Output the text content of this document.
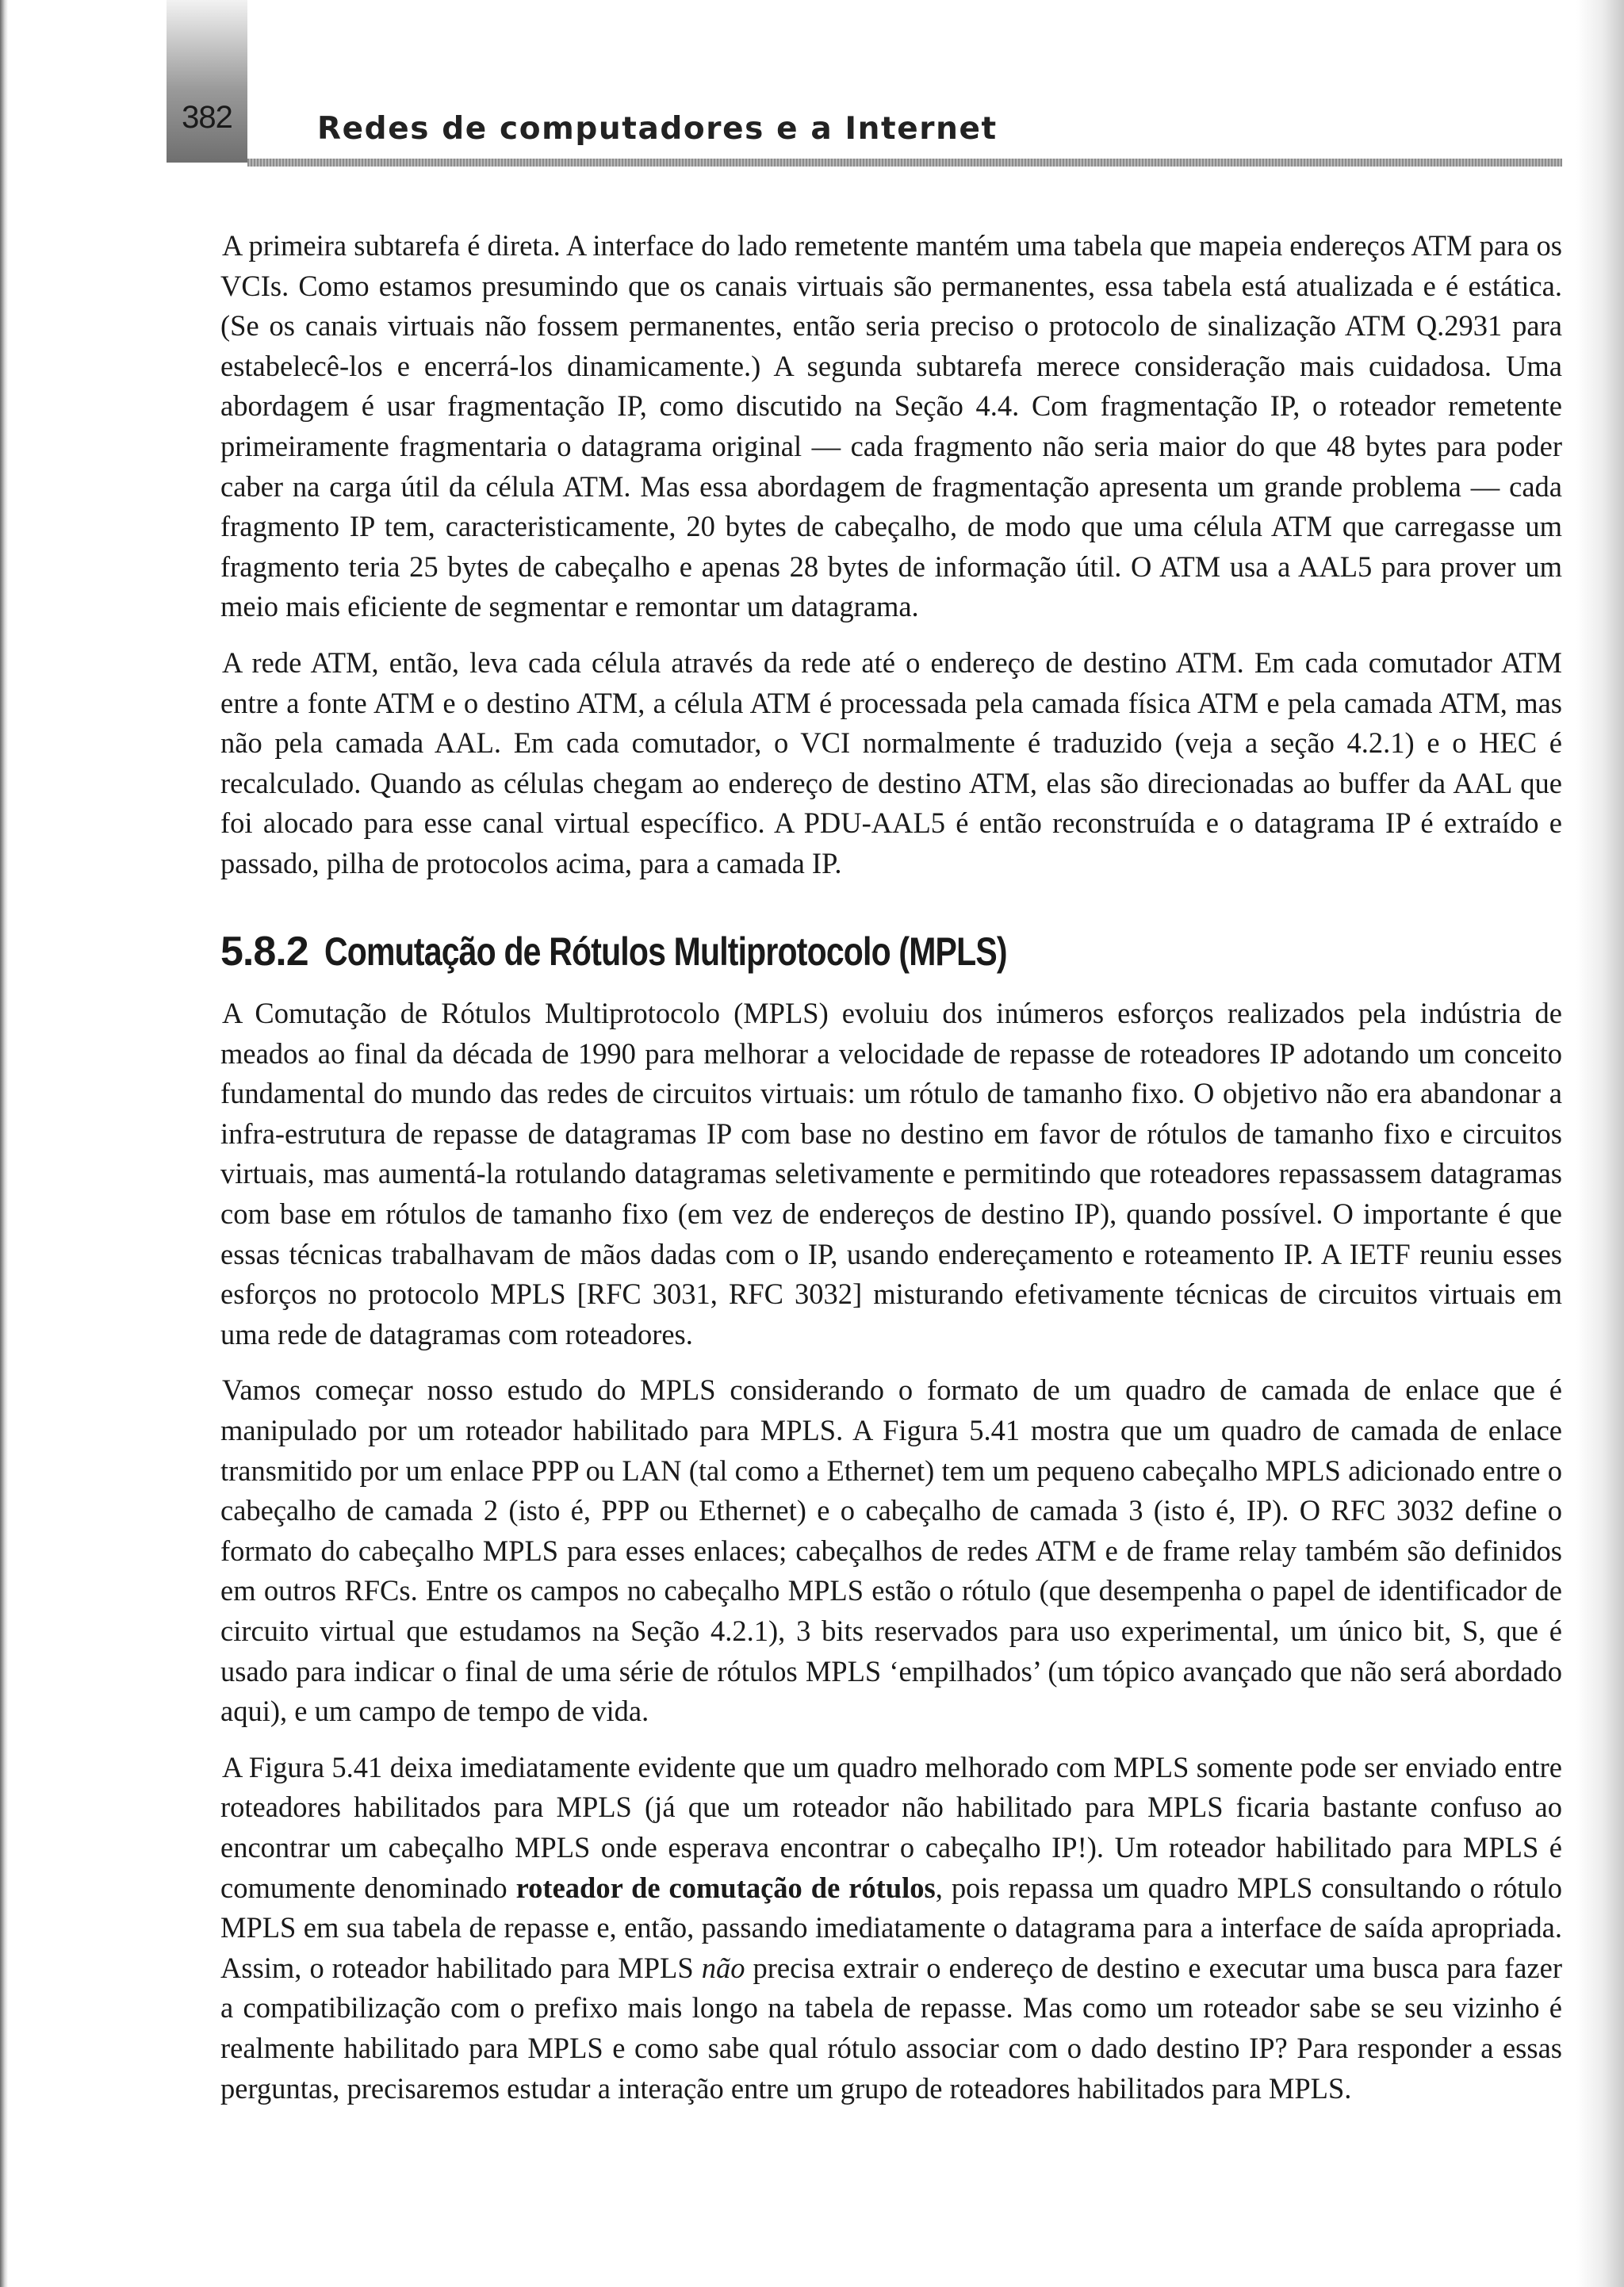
382	Redes de computadores e a Internet

A primeira subtarefa é direta. A interface do lado remetente mantém uma tabela que mapeia endereços ATM para os VCIs. Como estamos presumindo que os canais virtuais são permanentes, essa tabela está atualizada e é estática. (Se os canais virtuais não fossem permanentes, então seria preciso o protocolo de sinalização ATM Q.2931 para estabelecê-los e encerrá-los dinamicamente.) A segunda subtarefa merece consideração mais cuidadosa. Uma abordagem é usar fragmentação IP, como discutido na Seção 4.4. Com fragmentação IP, o roteador remetente primeiramente fragmentaria o datagrama original — cada fragmento não seria maior do que 48 bytes para poder caber na carga útil da célula ATM. Mas essa abordagem de fragmentação apresenta um grande problema — cada fragmento IP tem, caracteristicamente, 20 bytes de cabeçalho, de modo que uma célula ATM que carregasse um fragmento teria 25 bytes de cabeçalho e apenas 28 bytes de informação útil. O ATM usa a AAL5 para prover um meio mais eficiente de segmentar e remontar um datagrama.

A rede ATM, então, leva cada célula através da rede até o endereço de destino ATM. Em cada comutador ATM entre a fonte ATM e o destino ATM, a célula ATM é processada pela camada física ATM e pela camada ATM, mas não pela camada AAL. Em cada comutador, o VCI normalmente é traduzido (veja a seção 4.2.1) e o HEC é recalculado. Quando as células chegam ao endereço de destino ATM, elas são direcionadas ao buffer da AAL que foi alocado para esse canal virtual específico. A PDU-AAL5 é então reconstruída e o datagrama IP é extraído e passado, pilha de protocolos acima, para a camada IP.

5.8.2 Comutação de Rótulos Multiprotocolo (MPLS)

A Comutação de Rótulos Multiprotocolo (MPLS) evoluiu dos inúmeros esforços realizados pela indústria de meados ao final da década de 1990 para melhorar a velocidade de repasse de roteadores IP adotando um conceito fundamental do mundo das redes de circuitos virtuais: um rótulo de tamanho fixo. O objetivo não era abandonar a infra-estrutura de repasse de datagramas IP com base no destino em favor de rótulos de tamanho fixo e circuitos virtuais, mas aumentá-la rotulando datagramas seletivamente e permitindo que roteadores repassassem datagramas com base em rótulos de tamanho fixo (em vez de endereços de destino IP), quando possível. O importante é que essas técnicas trabalhavam de mãos dadas com o IP, usando endereçamento e roteamento IP. A IETF reuniu esses esforços no protocolo MPLS [RFC 3031, RFC 3032] misturando efetivamente técnicas de circuitos virtuais em uma rede de datagramas com roteadores.

Vamos começar nosso estudo do MPLS considerando o formato de um quadro de camada de enlace que é manipulado por um roteador habilitado para MPLS. A Figura 5.41 mostra que um quadro de camada de enlace transmitido por um enlace PPP ou LAN (tal como a Ethernet) tem um pequeno cabeçalho MPLS adicionado entre o cabeçalho de camada 2 (isto é, PPP ou Ethernet) e o cabeçalho de camada 3 (isto é, IP). O RFC 3032 define o formato do cabeçalho MPLS para esses enlaces; cabeçalhos de redes ATM e de frame relay também são definidos em outros RFCs. Entre os campos no cabeçalho MPLS estão o rótulo (que desempenha o papel de identificador de circuito virtual que estudamos na Seção 4.2.1), 3 bits reservados para uso experimental, um único bit, S, que é usado para indicar o final de uma série de rótulos MPLS ‘empilhados’ (um tópico avançado que não será abordado aqui), e um campo de tempo de vida.

A Figura 5.41 deixa imediatamente evidente que um quadro melhorado com MPLS somente pode ser enviado entre roteadores habilitados para MPLS (já que um roteador não habilitado para MPLS ficaria bastante confuso ao encontrar um cabeçalho MPLS onde esperava encontrar o cabeçalho IP!). Um roteador habilitado para MPLS é comumente denominado roteador de comutação de rótulos, pois repassa um quadro MPLS consultando o rótulo MPLS em sua tabela de repasse e, então, passando imediatamente o datagrama para a interface de saída apropriada. Assim, o roteador habilitado para MPLS não precisa extrair o endereço de destino e executar uma busca para fazer a compatibilização com o prefixo mais longo na tabela de repasse. Mas como um roteador sabe se seu vizinho é realmente habilitado para MPLS e como sabe qual rótulo associar com o dado destino IP? Para responder a essas perguntas, precisaremos estudar a interação entre um grupo de roteadores habilitados para MPLS.
